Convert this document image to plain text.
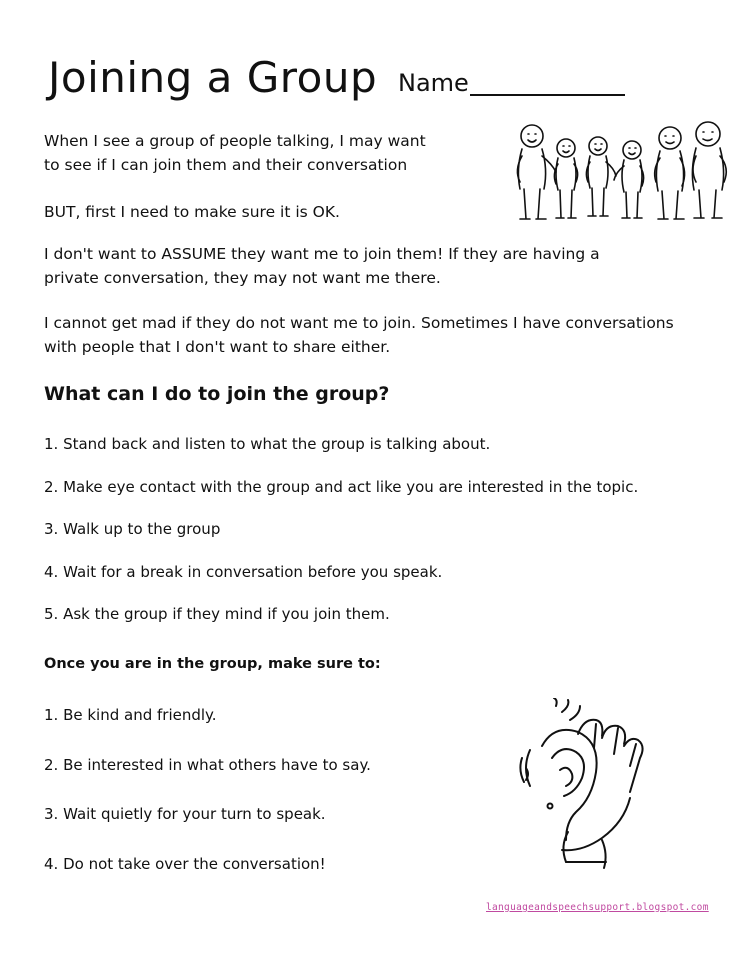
Joining a Group Name
When I see a group of people talking, I may want
to see if I can join them and their conversation
BUT, first I need to make sure it is OK.
I don't want to ASSUME they want me to join them! If they are having a
private conversation, they may not want me there.
I cannot get mad if they do not want me to join. Sometimes I have conversations
with people that I don't want to share either.
What can I do to join the group?
1. Stand back and listen to what the group is talking about.
2. Make eye contact with the group and act like you are interested in the topic.
3. Walk up to the group
4. Wait for a break in conversation before you speak.
5. Ask the group if they mind if you join them.
Once you are in the group, make sure to:
1. Be kind and friendly.
2. Be interested in what others have to say.
3. Wait quietly for your turn to speak.
4. Do not take over the conversation!
languageandspeechsupport.blogspot.com
